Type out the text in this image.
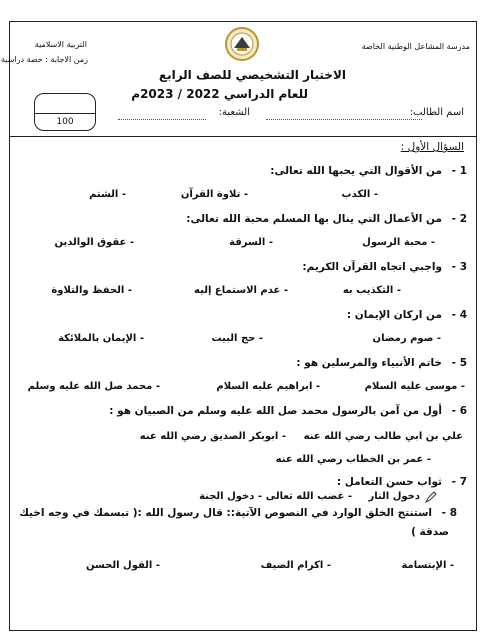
مدرسة المشاعل الوطنية الخاصة
التربية الاسلامية
زمن الاجابة : حصة دراسية
الاختبار التشخيصي للصف الرابع
للعام الدراسي 2022 / 2023م
اسم الطالب:
الشعبة:
100
السؤال الأول :
1 -
من الأقوال التي يحبها الله تعالى:
- الكذب
- تلاوة القرآن
- الشتم
2 -
من الأعمال التي ينال بها المسلم محبة الله تعالى:
- محبة الرسول
- السرقة
- عقوق الوالدين
3 -
واجبي اتجاه القرآن الكريم:
- التكذيب به
- عدم الاستماع إليه
- الحفظ والتلاوة
4 -
من اركان الإيمان :
- صوم رمضان
- حج البيت
- الإيمان بالملائكة
5 -
خاتم الأنبياء والمرسلين هو :
- موسى عليه السلام
- ابراهيم عليه السلام
- محمد صل الله عليه وسلم
6 -
أول من آمن بالرسول محمد صل الله عليه وسلم من الصبيان هو :
علي بن ابي طالب رضي الله عنه
- ابوبكر الصديق رضي الله عنه
- عمر بن الخطاب رضي الله عنه
7 -
ثواب حسن التعامل :
دخول النار
- غضب الله تعالى
- دخول الجنة
8 -
استنتج الخلق الوارد في النصوص الآتية:: قال رسول الله :( تبسمك في وجه اخيك
صدقة )
- الإبتسامة
- اكرام الضيف
- القول الحسن
